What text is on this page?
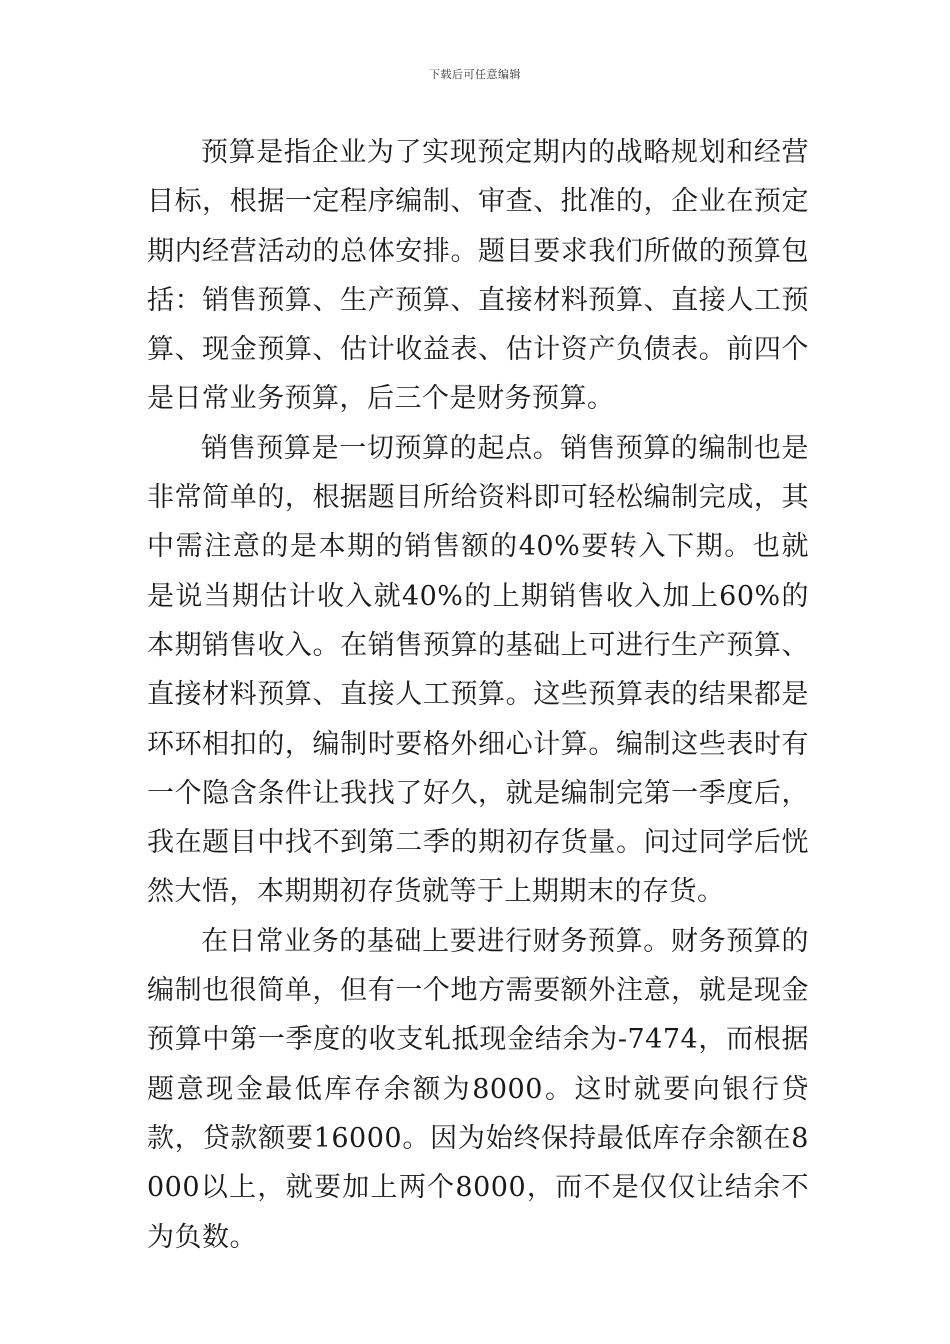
下载后可任意编辑

预算是指企业为了实现预定期内的战略规划和经营目标，根据一定程序编制、审查、批准的，企业在预定期内经营活动的总体安排。题目要求我们所做的预算包括：销售预算、生产预算、直接材料预算、直接人工预算、现金预算、估计收益表、估计资产负债表。前四个是日常业务预算，后三个是财务预算。

销售预算是一切预算的起点。销售预算的编制也是非常简单的，根据题目所给资料即可轻松编制完成，其中需注意的是本期的销售额的40%要转入下期。也就是说当期估计收入就40%的上期销售收入加上60%的本期销售收入。在销售预算的基础上可进行生产预算、直接材料预算、直接人工预算。这些预算表的结果都是环环相扣的，编制时要格外细心计算。编制这些表时有一个隐含条件让我找了好久，就是编制完第一季度后，我在题目中找不到第二季的期初存货量。问过同学后恍然大悟，本期期初存货就等于上期期末的存货。

在日常业务的基础上要进行财务预算。财务预算的编制也很简单，但有一个地方需要额外注意，就是现金预算中第一季度的收支轧抵现金结余为-7474，而根据题意现金最低库存余额为8000。这时就要向银行贷款，贷款额要16000。因为始终保持最低库存余额在8000以上，就要加上两个8000，而不是仅仅让结余不为负数。
